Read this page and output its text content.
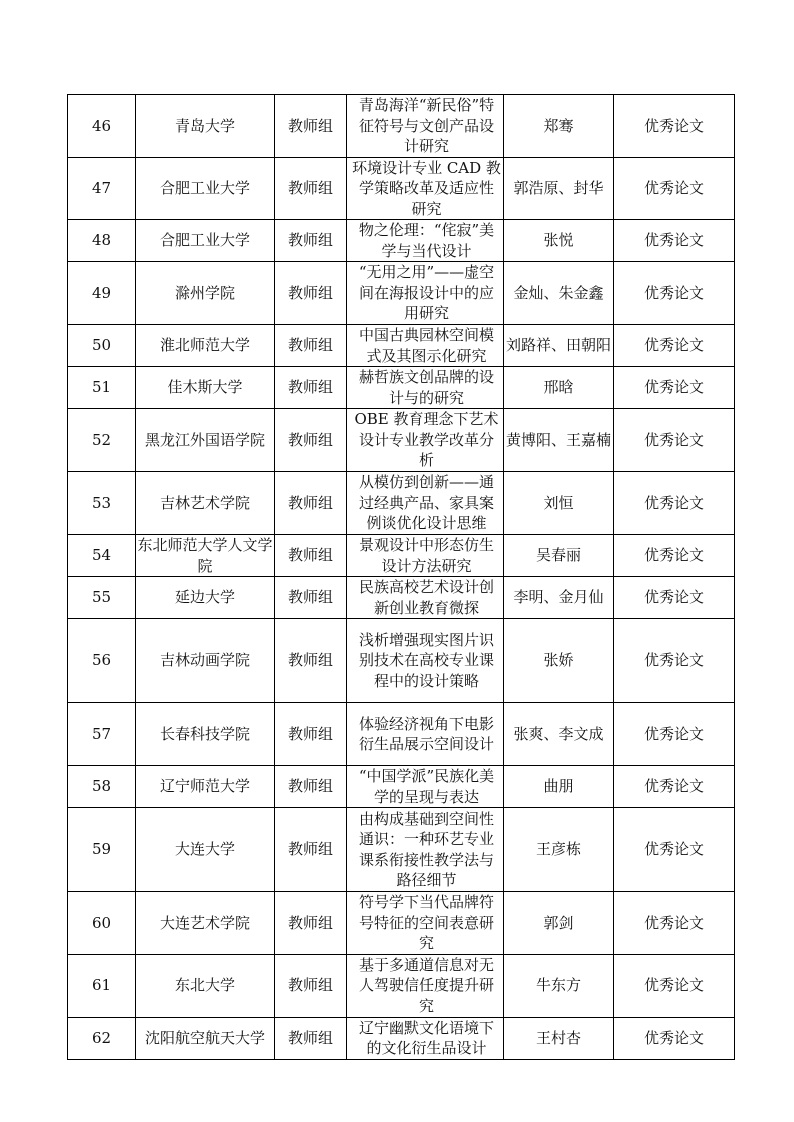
46	青岛大学	教师组	青岛海洋“新民俗”特征符号与文创产品设计研究	郑骞	优秀论文
47	合肥工业大学	教师组	环境设计专业 CAD 教学策略改革及适应性研究	郭浩原、封华	优秀论文
48	合肥工业大学	教师组	物之伦理：“侘寂”美学与当代设计	张悦	优秀论文
49	滁州学院	教师组	“无用之用”——虚空间在海报设计中的应用研究	金灿、朱金鑫	优秀论文
50	淮北师范大学	教师组	中国古典园林空间模式及其图示化研究	刘路祥、田朝阳	优秀论文
51	佳木斯大学	教师组	赫哲族文创品牌的设计与的研究	邢晗	优秀论文
52	黑龙江外国语学院	教师组	OBE 教育理念下艺术设计专业教学改革分析	黄博阳、王嘉楠	优秀论文
53	吉林艺术学院	教师组	从模仿到创新——通过经典产品、家具案例谈优化设计思维	刘恒	优秀论文
54	东北师范大学人文学院	教师组	景观设计中形态仿生设计方法研究	吴春丽	优秀论文
55	延边大学	教师组	民族高校艺术设计创新创业教育微探	李明、金月仙	优秀论文
56	吉林动画学院	教师组	浅析增强现实图片识别技术在高校专业课程中的设计策略	张娇	优秀论文
57	长春科技学院	教师组	体验经济视角下电影衍生品展示空间设计	张爽、李文成	优秀论文
58	辽宁师范大学	教师组	“中国学派”民族化美学的呈现与表达	曲朋	优秀论文
59	大连大学	教师组	由构成基础到空间性通识：一种环艺专业课系衔接性教学法与路径细节	王彦栋	优秀论文
60	大连艺术学院	教师组	符号学下当代品牌符号特征的空间表意研究	郭剑	优秀论文
61	东北大学	教师组	基于多通道信息对无人驾驶信任度提升研究	牛东方	优秀论文
62	沈阳航空航天大学	教师组	辽宁幽默文化语境下的文化衍生品设计	王村杏	优秀论文
